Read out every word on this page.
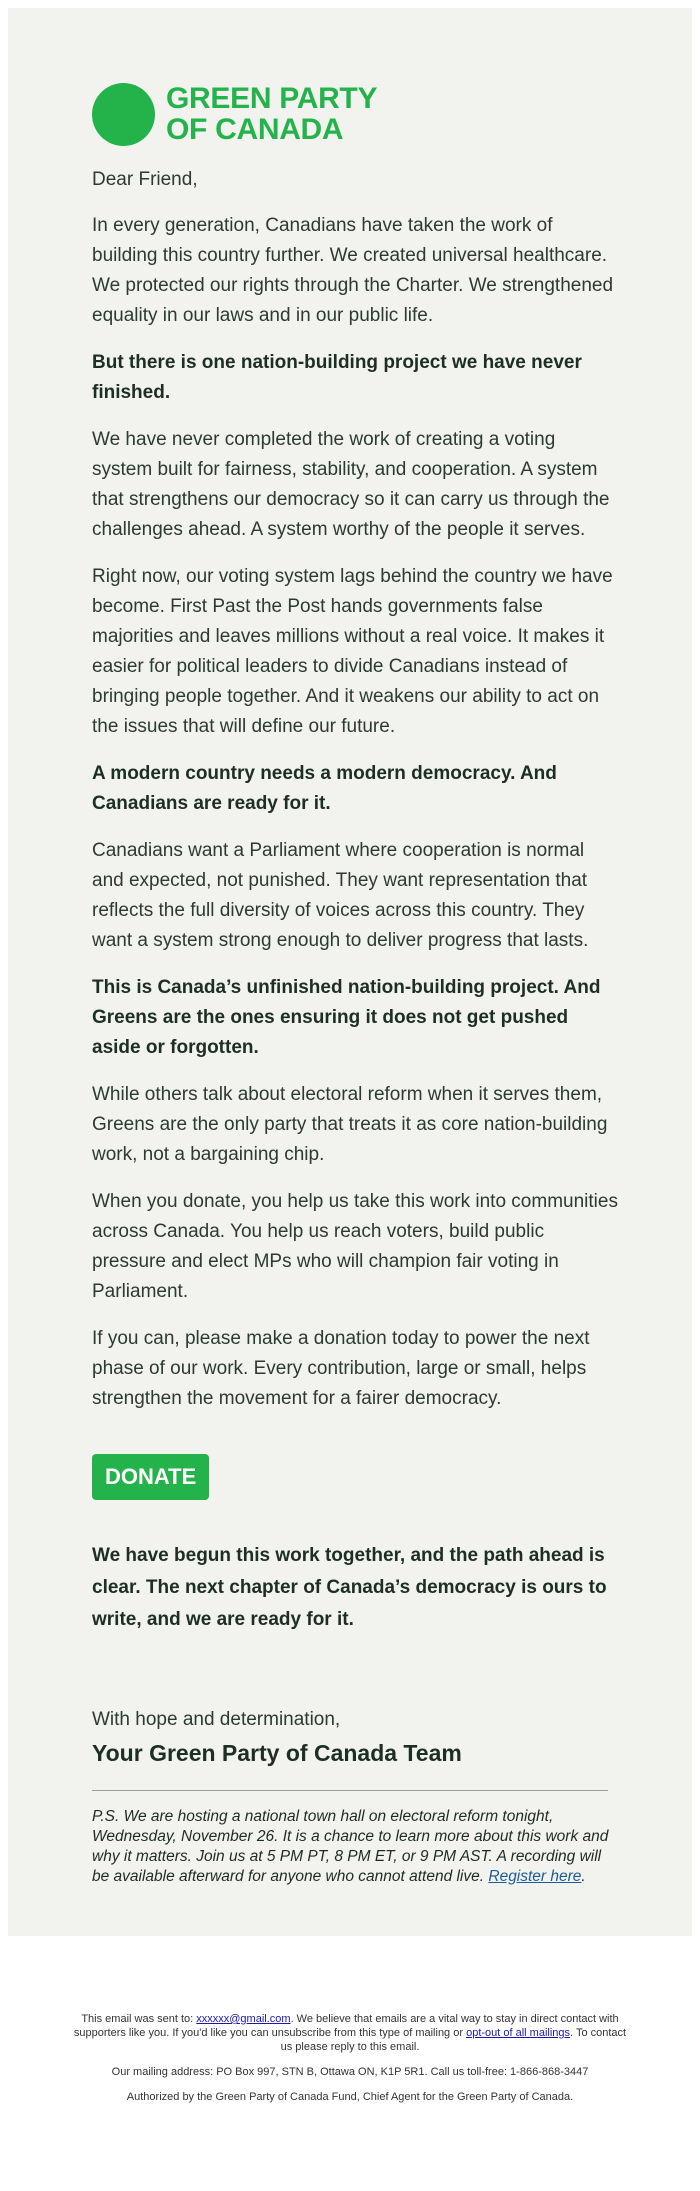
GREEN PARTY
OF CANADA
Dear Friend,
In every generation, Canadians have taken the work of building this country further. We created universal healthcare. We protected our rights through the Charter. We strengthened equality in our laws and in our public life.
But there is one nation-building project we have never finished.
We have never completed the work of creating a voting system built for fairness, stability, and cooperation. A system that strengthens our democracy so it can carry us through the challenges ahead. A system worthy of the people it serves.
Right now, our voting system lags behind the country we have become. First Past the Post hands governments false majorities and leaves millions without a real voice. It makes it easier for political leaders to divide Canadians instead of bringing people together. And it weakens our ability to act on the issues that will define our future.
A modern country needs a modern democracy. And Canadians are ready for it.
Canadians want a Parliament where cooperation is normal and expected, not punished. They want representation that reflects the full diversity of voices across this country. They want a system strong enough to deliver progress that lasts.
This is Canada’s unfinished nation-building project. And Greens are the ones ensuring it does not get pushed aside or forgotten.
While others talk about electoral reform when it serves them, Greens are the only party that treats it as core nation-building work, not a bargaining chip.
When you donate, you help us take this work into communities across Canada. You help us reach voters, build public pressure and elect MPs who will champion fair voting in Parliament.
If you can, please make a donation today to power the next phase of our work. Every contribution, large or small, helps strengthen the movement for a fairer democracy.
DONATE
We have begun this work together, and the path ahead is clear. The next chapter of Canada’s democracy is ours to write, and we are ready for it.
With hope and determination,
Your Green Party of Canada Team
P.S. We are hosting a national town hall on electoral reform tonight, Wednesday, November 26. It is a chance to learn more about this work and why it matters. Join us at 5 PM PT, 8 PM ET, or 9 PM AST. A recording will be available afterward for anyone who cannot attend live. Register here.

This email was sent to: xxxxxx@gmail.com. We believe that emails are a vital way to stay in direct contact with supporters like you. If you'd like you can unsubscribe from this type of mailing or opt-out of all mailings. To contact us please reply to this email.

Our mailing address: PO Box 997, STN B, Ottawa ON, K1P 5R1. Call us toll-free: 1-866-868-3447

Authorized by the Green Party of Canada Fund, Chief Agent for the Green Party of Canada.
